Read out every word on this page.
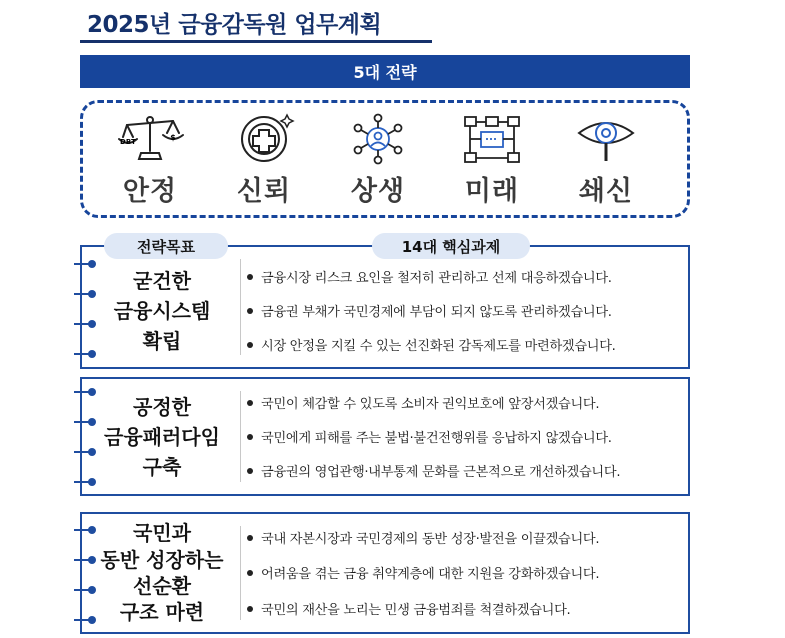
2025년 금융감독원 업무계획
5대 전략
DBT	$
안정	신뢰	상생	미래	쇄신
전략목표	14대 핵심과제
굳건한
금융시스템
확립
금융시장 리스크 요인을 철저히 관리하고 선제 대응하겠습니다.
금융권 부채가 국민경제에 부담이 되지 않도록 관리하겠습니다.
시장 안정을 지킬 수 있는 선진화된 감독제도를 마련하겠습니다.
공정한
금융패러다임
구축
국민이 체감할 수 있도록 소비자 권익보호에 앞장서겠습니다.
국민에게 피해를 주는 불법·불건전행위를 응납하지 않겠습니다.
금융권의 영업관행·내부통제 문화를 근본적으로 개선하겠습니다.
국민과
동반 성장하는
선순환
구조 마련
국내 자본시장과 국민경제의 동반 성장·발전을 이끌겠습니다.
어려움을 겪는 금융 취약계층에 대한 지원을 강화하겠습니다.
국민의 재산을 노리는 민생 금융범죄를 척결하겠습니다.
